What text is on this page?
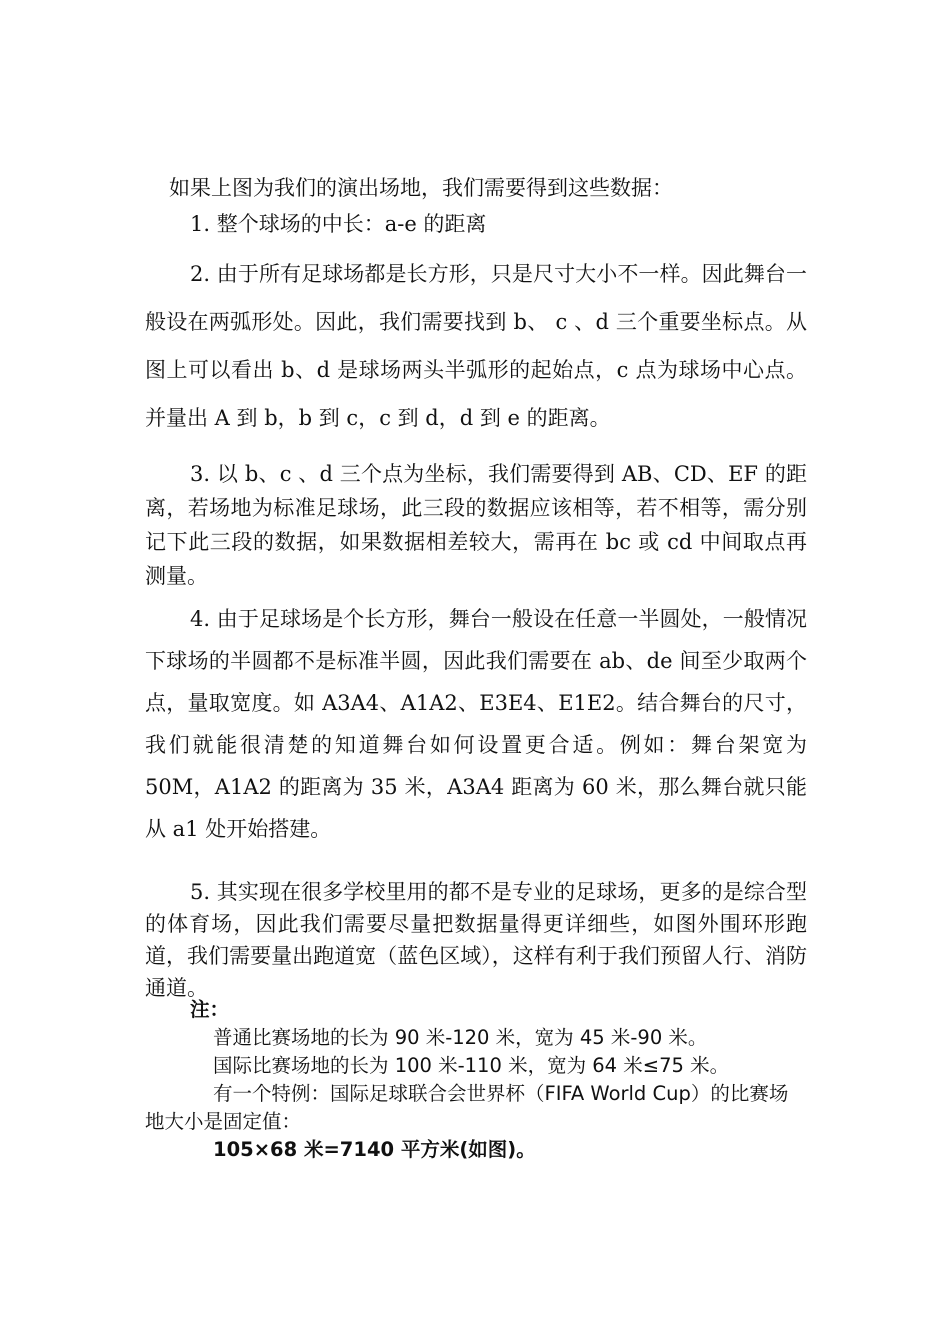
如果上图为我们的演出场地，我们需要得到这些数据：

1. 整个球场的中长：a-e 的距离

2. 由于所有足球场都是长方形，只是尺寸大小不一样。因此舞台一般设在两弧形处。因此，我们需要找到 b、 c 、d 三个重要坐标点。从图上可以看出 b、d 是球场两头半弧形的起始点，c 点为球场中心点。并量出 A 到 b，b 到 c，c 到 d，d 到 e 的距离。

3. 以 b、c 、d 三个点为坐标，我们需要得到 AB、CD、EF 的距离，若场地为标准足球场，此三段的数据应该相等，若不相等，需分别记下此三段的数据，如果数据相差较大，需再在 bc 或 cd 中间取点再测量。

4. 由于足球场是个长方形，舞台一般设在任意一半圆处，一般情况下球场的半圆都不是标准半圆，因此我们需要在 ab、de 间至少取两个点，量取宽度。如 A3A4、A1A2、E3E4、E1E2。结合舞台的尺寸，我们就能很清楚的知道舞台如何设置更合适。例如：舞台架宽为 50M，A1A2 的距离为 35 米，A3A4 距离为 60 米，那么舞台就只能从 a1 处开始搭建。

5. 其实现在很多学校里用的都不是专业的足球场，更多的是综合型的体育场，因此我们需要尽量把数据量得更详细些，如图外围环形跑道，我们需要量出跑道宽（蓝色区域），这样有利于我们预留人行、消防通道。

注：

普通比赛场地的长为 90 米-120 米，宽为 45 米-90 米。

国际比赛场地的长为 100 米-110 米，宽为 64 米≤75 米。

有一个特例：国际足球联合会世界杯（FIFA World Cup）的比赛场地大小是固定值：

105×68 米=7140 平方米(如图)。
